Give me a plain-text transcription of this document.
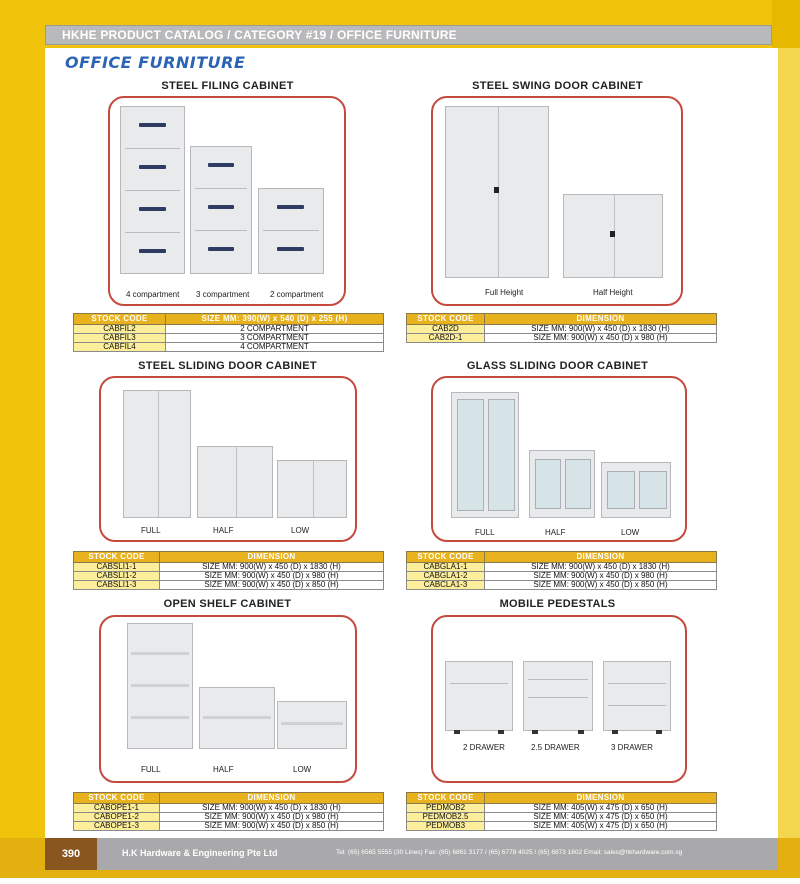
HKHE PRODUCT CATALOG / CATEGORY #19 / OFFICE FURNITURE
OFFICE FURNITURE
STEEL FILING CABINET
4 compartment 3 compartment	2 compartment
STOCK CODE	SIZE MM: 390(W) x 540 (D) x 255 (H)
CABFIL2	2 COMPARTMENT
CABFIL3	3 COMPARTMENT
CABFIL4	4 COMPARTMENT
STEEL SWING DOOR CABINET
Full Height	Half Height
STOCK CODE	DIMENSION
CAB2D	SIZE MM: 900(W) x 450 (D) x 1830 (H)
CAB2D-1	SIZE MM: 900(W) x 450 (D) x 980 (H)
STEEL SLIDING DOOR CABINET
FULL	HALF	LOW
STOCK CODE	DIMENSION
CABSLI1-1	SIZE MM: 900(W) x 450 (D) x 1830 (H)
CABSLI1-2	SIZE MM: 900(W) x 450 (D) x 980 (H)
CABSLI1-3	SIZE MM: 900(W) x 450 (D) x 850 (H)
GLASS SLIDING DOOR CABINET
FULL	HALF	LOW
STOCK CODE	DIMENSION
CABGLA1-1	SIZE MM: 900(W) x 450 (D) x 1830 (H)
CABGLA1-2	SIZE MM: 900(W) x 450 (D) x 980 (H)
CABCLA1-3	SIZE MM: 900(W) x 450 (D) x 850 (H)
OPEN SHELF CABINET
FULL	HALF	LOW
STOCK CODE	DIMENSION
CABOPE1-1	SIZE MM: 900(W) x 450 (D) x 1830 (H)
CABOPE1-2	SIZE MM: 900(W) x 450 (D) x 980 (H)
CABOPE1-3	SIZE MM: 900(W) x 450 (D) x 850 (H)
MOBILE PEDESTALS
2 DRAWER	2.5 DRAWER	3 DRAWER
STOCK CODE	DIMENSION
PEDMOB2	SIZE MM: 405(W) x 475 (D) x 650 (H)
PEDMOB2.5	SIZE MM: 405(W) x 475 (D) x 650 (H)
PEDMOB3	SIZE MM: 405(W) x 475 (D) x 650 (H)
390	H.K Hardware & Engineering Pte Ltd	Tel: (65) 6565 5555 (30 Lines) Fax: (65) 6861 3177 / (65) 6778 4025 / (65) 6873 1602 Email: sales@hkhardware.com.sg
